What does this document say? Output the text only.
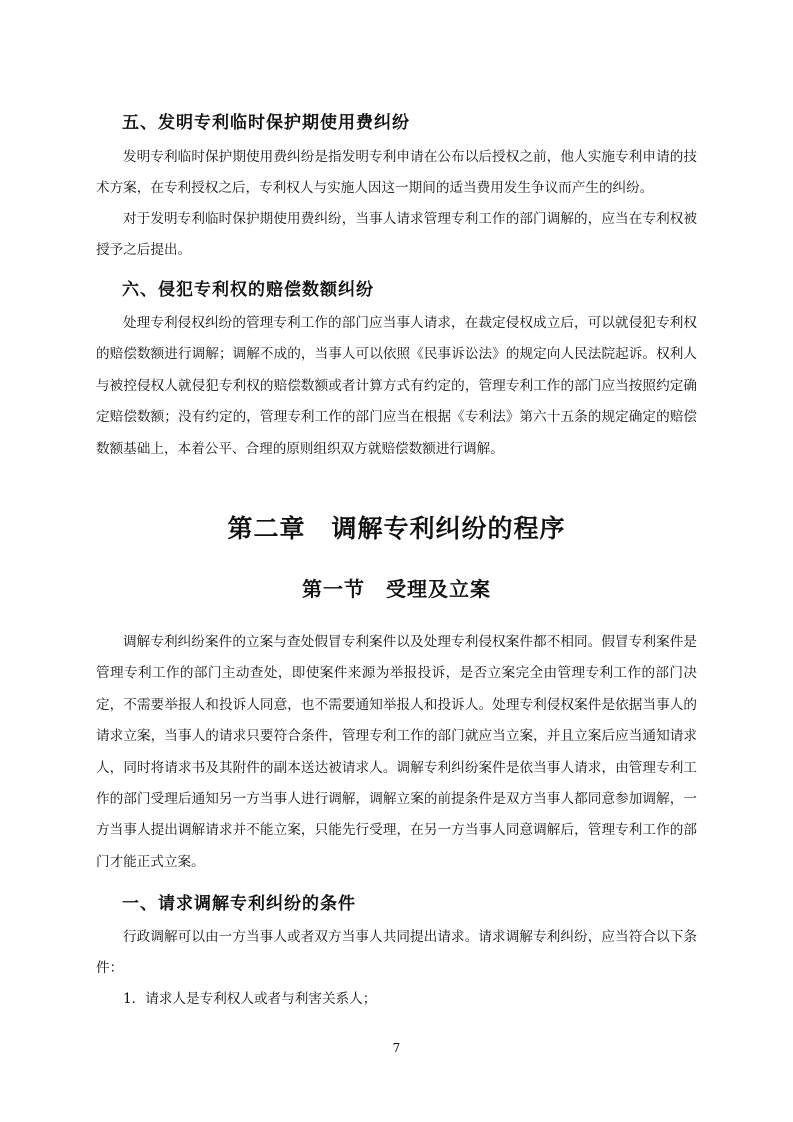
五、发明专利临时保护期使用费纠纷

发明专利临时保护期使用费纠纷是指发明专利申请在公布以后授权之前，他人实施专利申请的技术方案，在专利授权之后，专利权人与实施人因这一期间的适当费用发生争议而产生的纠纷。

对于发明专利临时保护期使用费纠纷，当事人请求管理专利工作的部门调解的，应当在专利权被授予之后提出。

六、侵犯专利权的赔偿数额纠纷

处理专利侵权纠纷的管理专利工作的部门应当事人请求，在裁定侵权成立后，可以就侵犯专利权的赔偿数额进行调解；调解不成的，当事人可以依照《民事诉讼法》的规定向人民法院起诉。权利人与被控侵权人就侵犯专利权的赔偿数额或者计算方式有约定的，管理专利工作的部门应当按照约定确定赔偿数额；没有约定的，管理专利工作的部门应当在根据《专利法》第六十五条的规定确定的赔偿数额基础上，本着公平、合理的原则组织双方就赔偿数额进行调解。

第二章　调解专利纠纷的程序
第一节　受理及立案

调解专利纠纷案件的立案与查处假冒专利案件以及处理专利侵权案件都不相同。假冒专利案件是管理专利工作的部门主动查处，即使案件来源为举报投诉，是否立案完全由管理专利工作的部门决定，不需要举报人和投诉人同意，也不需要通知举报人和投诉人。处理专利侵权案件是依据当事人的请求立案，当事人的请求只要符合条件，管理专利工作的部门就应当立案，并且立案后应当通知请求人，同时将请求书及其附件的副本送达被请求人。调解专利纠纷案件是依当事人请求，由管理专利工作的部门受理后通知另一方当事人进行调解，调解立案的前提条件是双方当事人都同意参加调解，一方当事人提出调解请求并不能立案，只能先行受理，在另一方当事人同意调解后，管理专利工作的部门才能正式立案。

一、请求调解专利纠纷的条件

行政调解可以由一方当事人或者双方当事人共同提出请求。请求调解专利纠纷，应当符合以下条件：

1．请求人是专利权人或者与利害关系人；

7
